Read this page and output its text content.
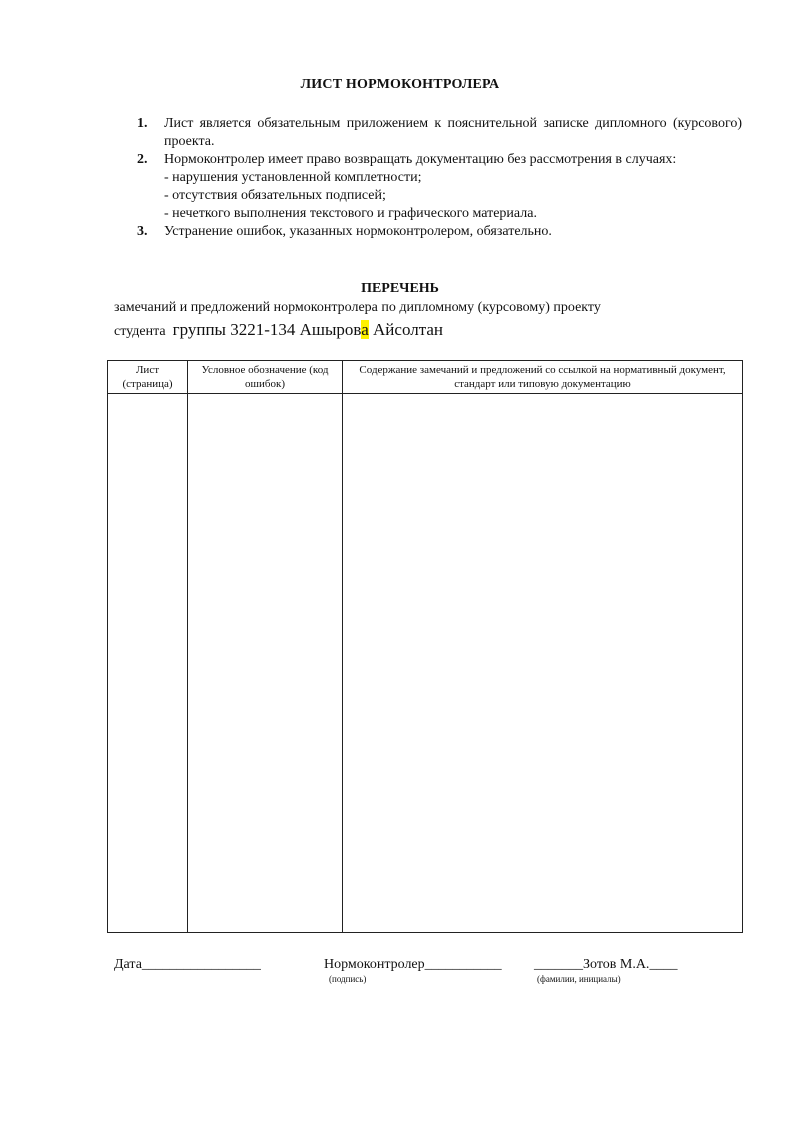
ЛИСТ НОРМОКОНТРОЛЕРА
1. Лист является обязательным приложением к пояснительной записке дипломного (курсового) проекта.
2. Нормоконтролер имеет право возвращать документацию без рассмотрения в случаях:
- нарушения установленной комплетности;
- отсутствия обязательных подписей;
- нечеткого выполнения текстового и графического материала.
3. Устранение ошибок, указанных нормоконтролером, обязательно.
ПЕРЕЧЕНЬ
замечаний и предложений нормоконтролера по дипломному (курсовому) проекту
студента группы 3221-134 Ашырова Айсолтан
Лист (страница)	Условное обозначение (код ошибок)	Содержание замечаний и предложений со ссылкой на нормативный документ, стандарт или типовую документацию

Дата_________________	Нормоконтролер___________ _______Зотов М.А.____
(подпись)	(фамилии, инициалы)
